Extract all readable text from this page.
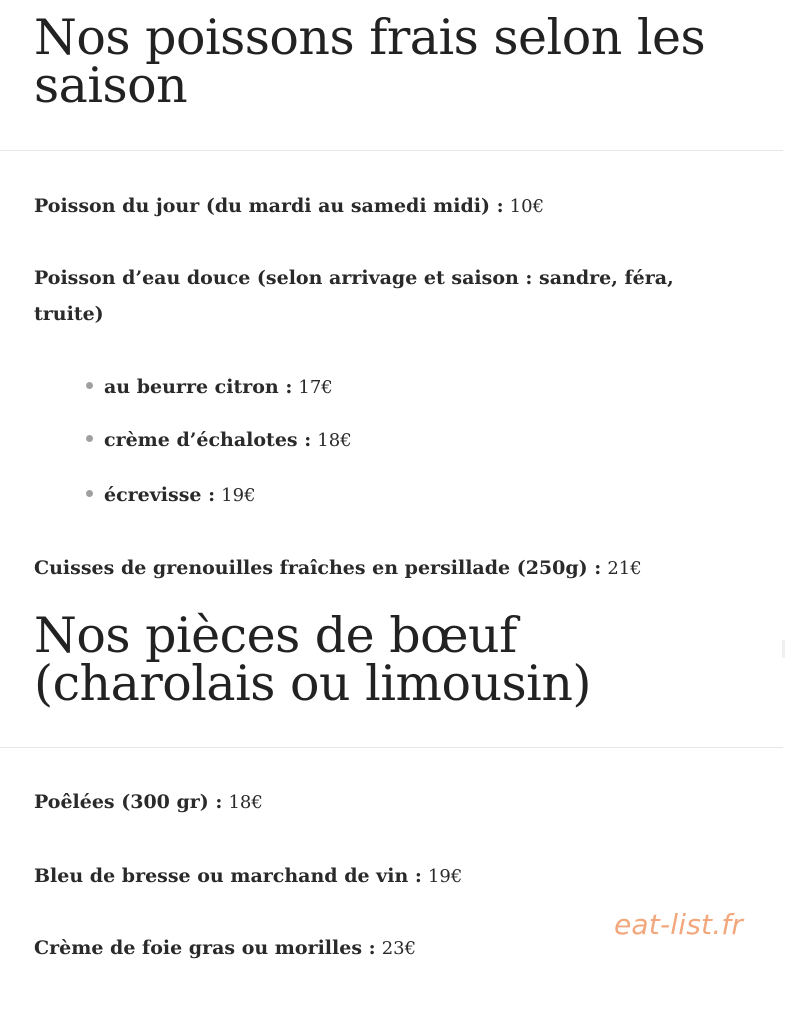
Nos poissons frais selon les saison

Poisson du jour (du mardi au samedi midi) : 10€

Poisson d’eau douce (selon arrivage et saison : sandre, féra, truite)

au beurre citron : 17€
crème d’échalotes : 18€
écrevisse : 19€

Cuisses de grenouilles fraîches en persillade (250g) : 21€

Nos pièces de bœuf (charolais ou limousin)

Poêlées (300 gr) : 18€

Bleu de bresse ou marchand de vin : 19€

Crème de foie gras ou morilles : 23€

eat-list.fr
